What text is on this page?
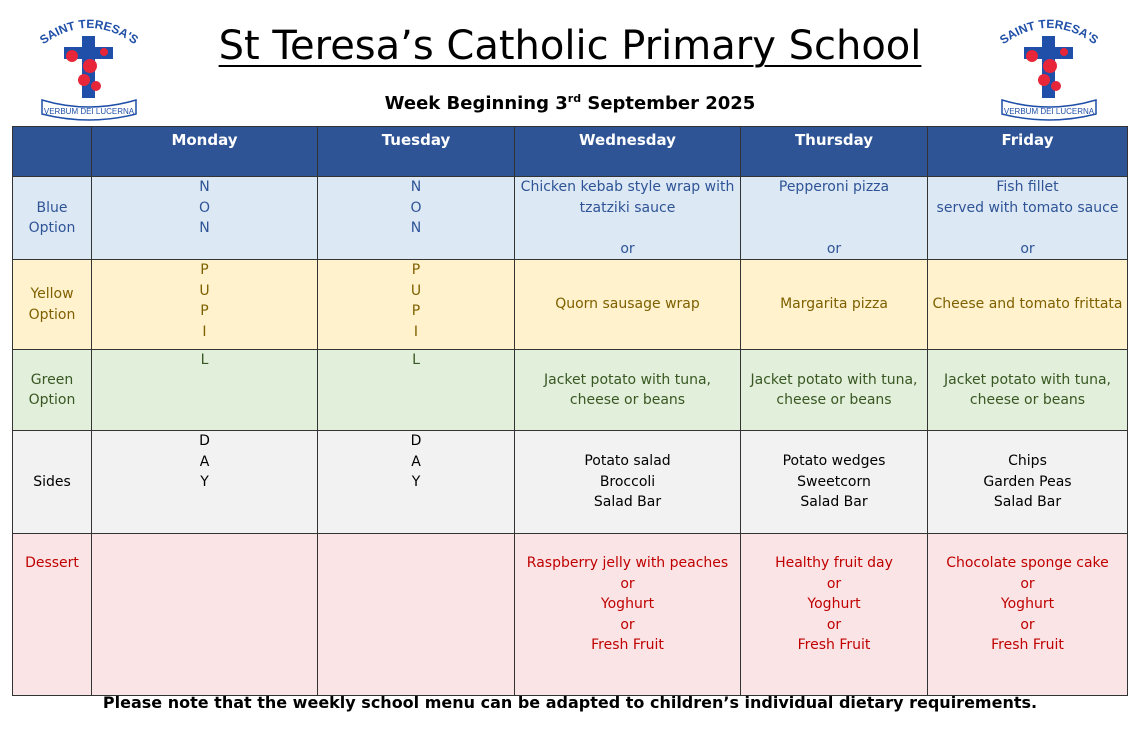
SAINT TERESA'S
VERBUM DEI LUCERNA
SAINT TERESA'S
VERBUM DEI LUCERNA
St Teresa’s Catholic Primary School
Week Beginning 3rd September 2025
	Monday	Tuesday	Wednesday	Thursday	Friday
Blue
Option	N
O
N	N
O
N	Chicken kebab style wrap with
tzatziki sauce

or	Pepperoni pizza

or	Fish fillet
served with tomato sauce

or
Yellow
Option	P
U
P
I	P
U
P
I	Quorn sausage wrap	Margarita pizza	Cheese and tomato frittata
Green
Option	L	L	Jacket potato with tuna,
cheese or beans	Jacket potato with tuna,
cheese or beans	Jacket potato with tuna,
cheese or beans
Sides	D
A
Y	D
A
Y	Potato salad
Broccoli
Salad Bar	Potato wedges
Sweetcorn
Salad Bar	Chips
Garden Peas
Salad Bar
Dessert			Raspberry jelly with peaches
or
Yoghurt
or
Fresh Fruit	Healthy fruit day
or
Yoghurt
or
Fresh Fruit	Chocolate sponge cake
or
Yoghurt
or
Fresh Fruit
Please note that the weekly school menu can be adapted to children’s individual dietary requirements.
